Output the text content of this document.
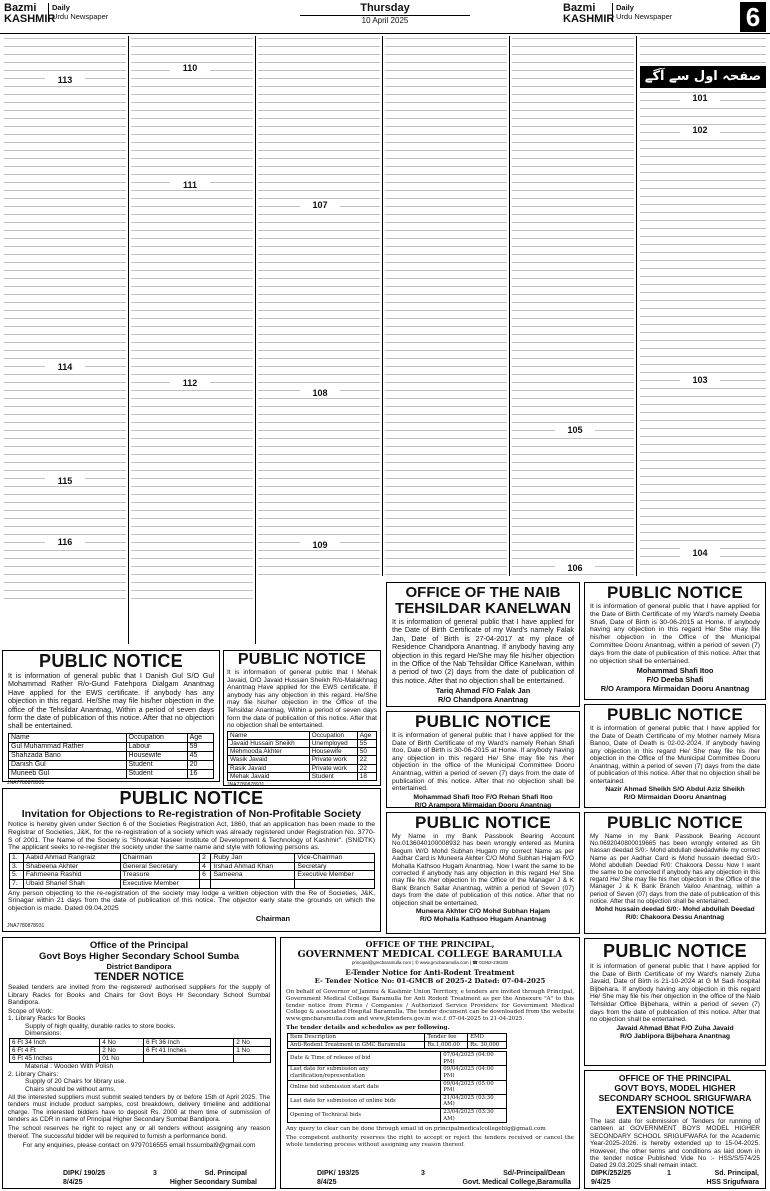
Bazmi
KASHMIR
Daily
Urdu Newspaper
Thursday
10 April 2025
Bazmi
KASHMIR
Daily
Urdu Newspaper	6
صفحہ اول سے آگے
101
102
103
104
105
106
107
108
109
110
111
112
113
114
115
116
OFFICE OF THE NAIB
TEHSILDAR KANELWAN
It is information of general public that I have applied for the Date of Birth Certificate of my Ward's namely Falak Jan, Date of Birth is 27-04-2017 at my place of Residence Chandpora Anantnag. If anybody having any objection in this regard He/She may file his/her objection in the Office of the Nab Tehsildar Office Kanelwan, within a period of two (2) days from the date of publication of this notice. After that no objection shall be entertained.
Tariq Ahmad F/O Falak Jan
R/O Chandpora Anantnag
PUBLIC NOTICE
It is information of general public that I have applied for the Date of Birth Certificate of my Ward's namely Deeba Shafi, Date of Birth is 30-06-2015 at Home. If anybody having any objection in this regard He/ She may file his/her objection in the Office of the Municipal Committee Dooru Anantnag, within a period of seven (7) days from the date of publication of this notice. After that no objection shall be entertained.
Mohammad Shafi Itoo
F/O Deeba Shafi
R/O Arampora Mirmaidan Dooru Anantnag
PUBLIC NOTICE
It is information of general public that I Danish Gul S/O Gul Mohammad Rather R/o-Gund Fatehpora Dialgam Anantnag Have applied for the EWS certificate. If anybody has any objection in this regard. He/She may file his/her objection in the office of the Tehsildar Anantnag, Within a period of seven days form the date of publication of this notice. After that no objection shall be entertained.
Name	Occupation	Age
Gul Muhammad Rather	Labour	59
Shahzada Bano	Housewife	45
Danish Gul	Student	20
Muneeb Gul	Student	16
JNA7780878931
PUBLIC NOTICE
It is information of general public that I Mehak Javaid, D/O Javaid Hussain Sheikh R/o-Malakhnag Anantnag Have applied for the EWS certificate. If anybody has any objection in this regard. He/She may file his/her objection in the Office of the Tehsildar Anantnag, Within a period of seven days form the date of publication of this notice. After that no objection shall be entertained.
Name	Occupation	Age
Javaid Hussain Sheikh	Unemployed	55
Mehmooda Akhter	Housewife	50
Wasik Javaid	Private work	22
Rasik Javaid	Private work	22
Mehak Javaid	Student	18
JNA7780878931
PUBLIC NOTICE
It is information of general public that I have applied for the Date of Birth Certificate of my Ward's namely Rehan Shafi Itoo, Date of Birth is 30-06-2015 at Home. If anybody having any objection in this regard He/ She may file his /her objection in the office of the Municipal Committee Dooru Anantnag, within a period of seven (7) days from the date of publication of this notice. After that no objection shall be entertained.
Mohammad Shafi Itoo F/O Rehan Shafi Itoo
R/O Arampora Mirmaidan Dooru Anantnag
PUBLIC NOTICE
It is information of general public that I have applied for the Date of Death Certificate of my Mother namely Misra Banoo, Date of Death is 02-02-2024. If anybody having any objection in this regard He/ She may file his /her objection in the Office of the Municipal Committee Dooru Anantnag, within a period of seven (7) days from the date of publication of this notice. After that no objection shall be entertained.
Nazir Ahmad Sheikh S/O Abdul Aziz Sheikh
R/O Mirmaidan Dooru Anantnag
PUBLIC NOTICE
Invitation for Objections to Re-registration of Non-Profitable Society
Notice is hereby given under Section 6 of the Societies Registration Act, 1860, that an application has been made to the Registrar of Societies, J&K, for the re-registration of a society which was already registered under Registration No. 3770-S of 2001. The Name of the Society is "Showkat Naseer Institute of Development & Technology of Kashmir". (SNIDTK) The applicant seeks to re-register the society under the same name and style with following persons as.
1.	Aabid Ahmad Rangraiz	Chairman	2	Ruby Jan	Vice-Chairman
3.	Shabeena Akhter	General Secretary	4	Irshad Ahmad Khan	Secretary
5.	Fahmeena Rashid	Treasure	6	Sameena	Executive Member
7.	Ubaid Sharief Shah	Executive Member			
Any person objecting to the re-registration of the society may lodge a written objection with the Re of Societies, J&K, Srinagar within 21 days from the date of publication of this notice. The objector early state the grounds on which the objection is made. Dated 09.04.2025
Chairman
JNA7780878931
PUBLIC NOTICE
My Name in my Bank Passbook Bearing Account No.0136040100008932 has been wrongly entered as Munira Begum W/O Mohd Subhan Hugam my correct Name as per Aadhar Card is Muneera Akhter C/O Mohd Subhan Hajam R/O Mohalla Kathsoo Hugam Anantnag. Now I want the same to be corrected if anybody has any objection in this regard He/ She may file his /her objection In the Office of the Manager J & K Bank Branch Sallar Anantnag, within a period of Seven (07) days from the date of publication of this notice. After that no objection shall be entertained.
Muneera Akhter C/O Mohd Subhan Hajam
R/O Mohalla Kathsoo Hugam Anantnag
PUBLIC NOTICE
My Name in my Bank Passbook Bearing Account No.0692040800019665 has been wrongly entered as Gh hassan deedad S/0:- Mohd abdullah deedadwhile my correct Name as per Aadhar Card is Mohd hussain deedad S/0:- Mohd abdullah Deedad R/0: Chakoora Dessu Now I want the same to be corrected if anybody has any objection in this regard He/ She may file his /her objection in the Office of the Manager J & K Bank Branch Vailoo Anantnag, within a period of Seven (07) days from the date of publication of this notice. After that no objection shall be entertained.
Mohd hussain deedad S/0:- Mohd abdullah Deedad
R/0: Chakoora Dessu Anantnag
Office of the Principal
Govt Boys Higher Secondary School Sumba
District Bandipora
TENDER NOTICE
Sealed tenders are invited from the registered/ authorised suppliers for the supply of Library Racks for Books and Chairs for Govt Boys Hr Secondary School Sumbal Bandipora.
Scope of Work:
1. Library Racks for Books
Supply of high quality, durable racks to store books.
Dimensions:
6 Ft 34 Inch	4 No	6 Ft 36 Inch	2 No
6 Ft 4 Ft	2 No	6 Ft 41 Inches	1 No
6 Ft 45 Inches	01 No		
Material : Wooden With Polish
2. Library Chairs:
Supply of 20 Chairs for library use.
Chairs should be without arms.
All the interested suppliers must submit sealed tenders by or before 15th of April 2025. The tenders must include product samples, cost breakdown, delivery timeline and additional charge. The interested bidders have to deposit Rs. 2000 at them time of submission of tenders as CDR in name of Principal Higher Secondary Sumbal Bandipora.
The school reserves he right to reject any or all tenders without assigning any reason thereof. The successful bidder will be required to furnish a performance bond.
For any enquiries, please contact on 9797016555 email hssumbal9@gmail.com
DIPK/ 190/25
8/4/25
3	Sd. Principal
Higher Secondary Sumbal
OFFICE OF THE PRINCIPAL,
GOVERNMENT MEDICAL COLLEGE BARAMULLA
principal@gmcbaramulla.com | ✆ www.gmcbaramulla.com | ☎ 01952-238180
E-Tender Notice for Anti-Rodent Treatment
E- Tender Notice No: 01-GMCB of 2025-2 Dated: 07-04-2025
On behalf of Governor of Jammu & Kashmir Union Territory, e tenders are invited through Principal, Government Medical College Baramulla for Anti Rodent Treatment as per the Annexure "A" to this tender notice from Firms / Companies / Authorized Service Providers for Government Medical College & associated Hospital Baramulla. The tender document can be downloaded from the website www.gmcbaramulla.com and www.jktenders.gov.in w.e.f. 07-04-2025 to 21-04-2025.
The tender details and schedules as per following.
Item Description	Tender fee	EMD
Anti-Rodent Treatment in GMC Baramulla	Rs.1,000.00	Rs. 30,000
Date & Time of release of bid	07/04/2025 (04:00 PM)
Last date for submission any clarification/representation	09/04/2025 (04:00 PM)
Online bid submission start date	09/04/2025 (05:00 PM)
Last date for submission of online bids	21/04/2025 (03:30 AM)
Opening of Technical bids	23/04/2025 (03:30 AM)
Any query to clear can be done through email id on principalmedicalcollegeblg@gmail.com
The competent authority reserves the right to accept or reject the tenders received or cancel the whole tendering process without assigning any reason thereof.
DIPK/ 193/25
8/4/25
3	Sd/-Principal/Dean
Govt. Medical College,Baramulla
PUBLIC NOTICE
It is information of general public that I have applied for the Date of Birth Certificate of my Ward's namely Zuha Javaid, Date of Birth is 21-10-2024 at G M Sadi hospital Bijbehara. If anybody having any objection in this regard He/ She may file his /her objection in the office of the Naib Tehsildar Office Bijbehara, within a period of seven (7) days from the date of publication of this notice. After that no objection shall be entertained.
Javaid Ahmad Bhat F/O Zuha Javaid
R/O Jablipora Bijbehara Anantnag
OFFICE OF THE PRINCIPAL
GOVT BOYS, MODEL HIGHER
SECONDARY SCHOOL SRIGUFWARA
EXTENSION NOTICE
The last date for submission of Tenders for running of canteen at GOVERNMENT BOYS MODEL HIGHER SECONDARY SCHOOL SRIGUFWARA for the Academic Year-2025-2026. is hereby extended up to 15-04-2025. However, the other terms and conditions as laid down in the tender notice Published Vide No :- HSS/S/574/25 Dated 29.03.2025 shall remain intact.
DIPK/252/25
9/4/25
1	Sd. Principal,
HSS Srigufwara
